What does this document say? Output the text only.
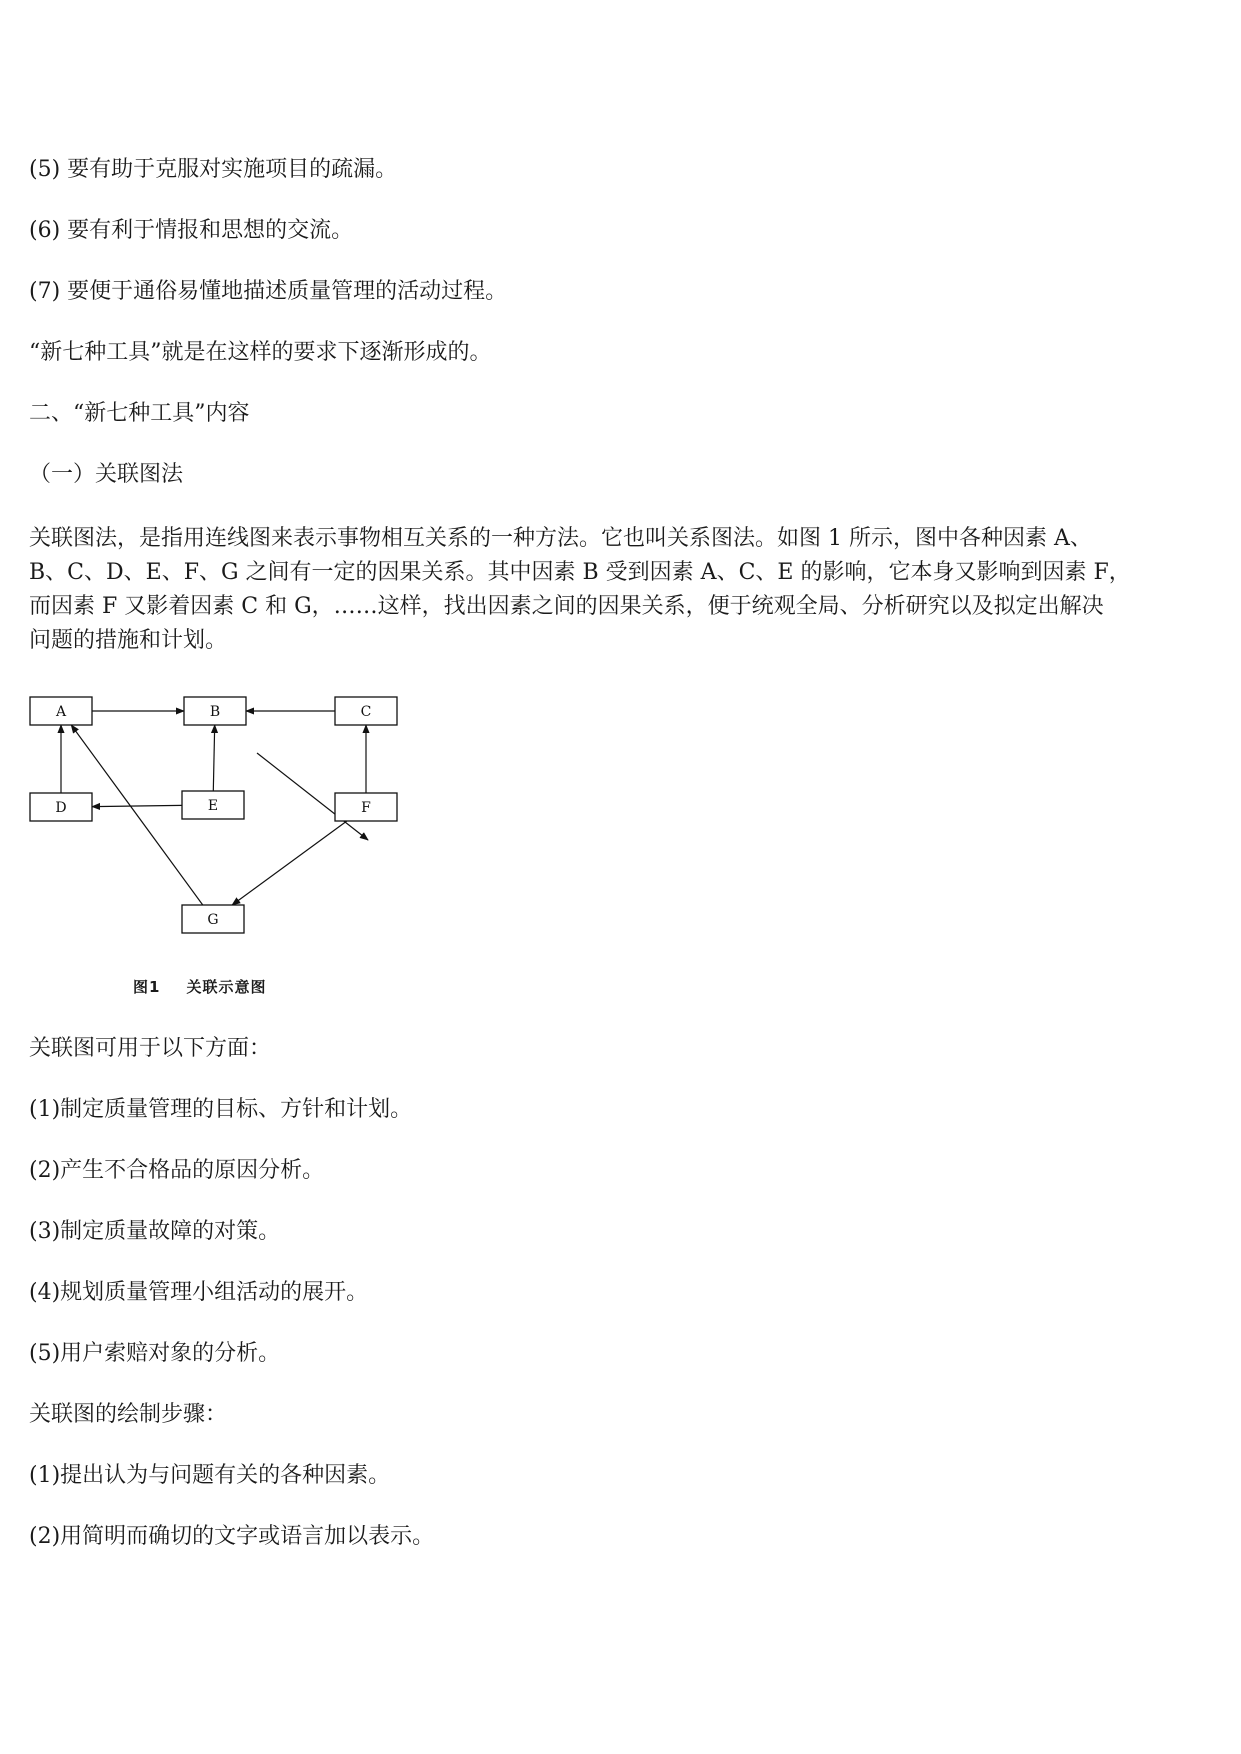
(5) 要有助于克服对实施项目的疏漏。
(6) 要有利于情报和思想的交流。
(7) 要便于通俗易懂地描述质量管理的活动过程。
“新七种工具”就是在这样的要求下逐渐形成的。
二、“新七种工具”内容
（一）关联图法
关联图法，是指用连线图来表示事物相互关系的一种方法。它也叫关系图法。如图 1 所示，图中各种因素 A、
B、C、D、E、F、G 之间有一定的因果关系。其中因素 B 受到因素 A、C、E 的影响，它本身又影响到因素 F，
而因素 F 又影着因素 C 和 G，……这样，找出因素之间的因果关系，便于统观全局、分析研究以及拟定出解决
问题的措施和计划。
A	B	C
D	E	F
G
图1 关联示意图
关联图可用于以下方面：
(1)制定质量管理的目标、方针和计划。
(2)产生不合格品的原因分析。
(3)制定质量故障的对策。
(4)规划质量管理小组活动的展开。
(5)用户索赔对象的分析。
关联图的绘制步骤：
(1)提出认为与问题有关的各种因素。
(2)用简明而确切的文字或语言加以表示。
